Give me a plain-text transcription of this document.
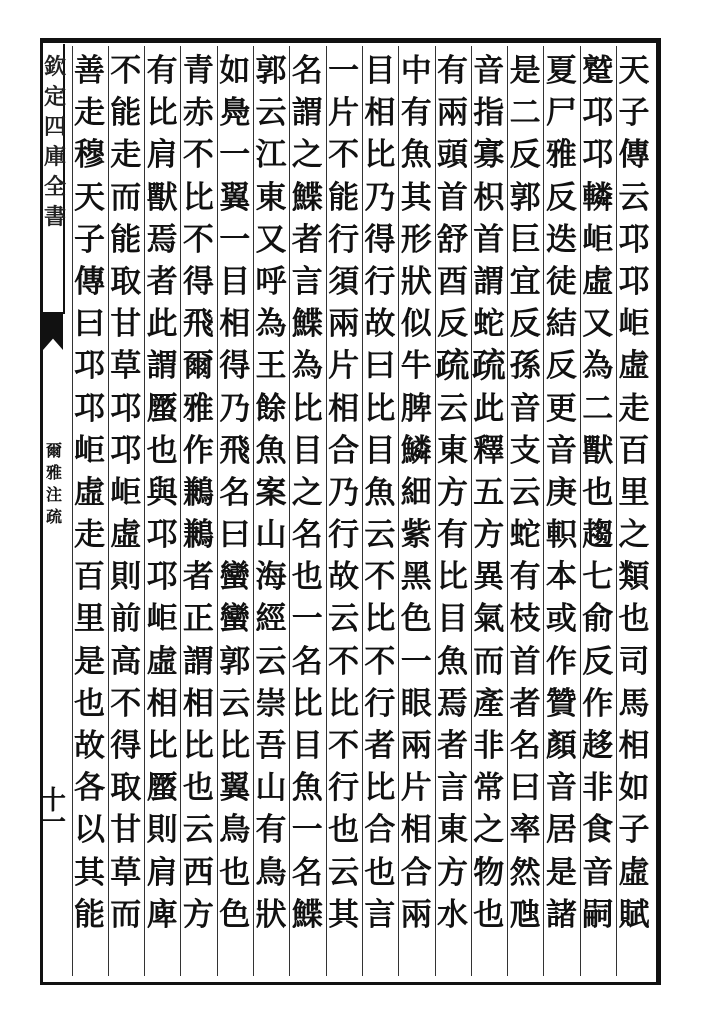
欽
定
四
庫
全
書
爾
雅
注
疏
十
一
天
子
傳
云
邛
邛
岠
虛
走
百
里
之
類
也
司
馬
相
如
子
虛
賦
蹵
邛
邛
轔
岠
虛
又
為
二
獸
也
趨
七
俞
反
作
趍
非
食
音
嗣
夏
尸
雅
反
迭
徒
結
反
更
音
庚
軹
本
或
作
贊
顏
音
居
是
諸
是
二
反
郭
巨
宜
反
孫
音
支
云
蛇
有
枝
首
者
名
曰
率
然
虺
音
指
寡
枳
首
謂
蛇
疏
此
釋
五
方
異
氣
而
產
非
常
之
物
也
有
兩
頭
首
舒
酉
反
疏
云
東
方
有
比
目
魚
焉
者
言
東
方
水
中
有
魚
其
形
狀
似
牛
脾
鱗
細
紫
黑
色
一
眼
兩
片
相
合
兩
目
相
比
乃
得
行
故
曰
比
目
魚
云
不
比
不
行
者
比
合
也
言
一
片
不
能
行
須
兩
片
相
合
乃
行
故
云
不
比
不
行
也
云
其
名
謂
之
鰈
者
言
鰈
為
比
目
之
名
也
一
名
比
目
魚
一
名
鰈
郭
云
江
東
又
呼
為
王
餘
魚
案
山
海
經
云
崇
吾
山
有
鳥
狀
如
鳧
一
翼
一
目
相
得
乃
飛
名
曰
蠻
蠻
郭
云
比
翼
鳥
也
色
青
赤
不
比
不
得
飛
爾
雅
作
鶼
鶼
者
正
謂
相
比
也
云
西
方
有
比
肩
獸
焉
者
此
謂
蟨
也
與
邛
邛
岠
虛
相
比
蟨
則
肩
庳
不
能
走
而
能
取
甘
草
邛
邛
岠
虛
則
前
高
不
得
取
甘
草
而
善
走
穆
天
子
傳
曰
邛
邛
岠
虛
走
百
里
是
也
故
各
以
其
能
